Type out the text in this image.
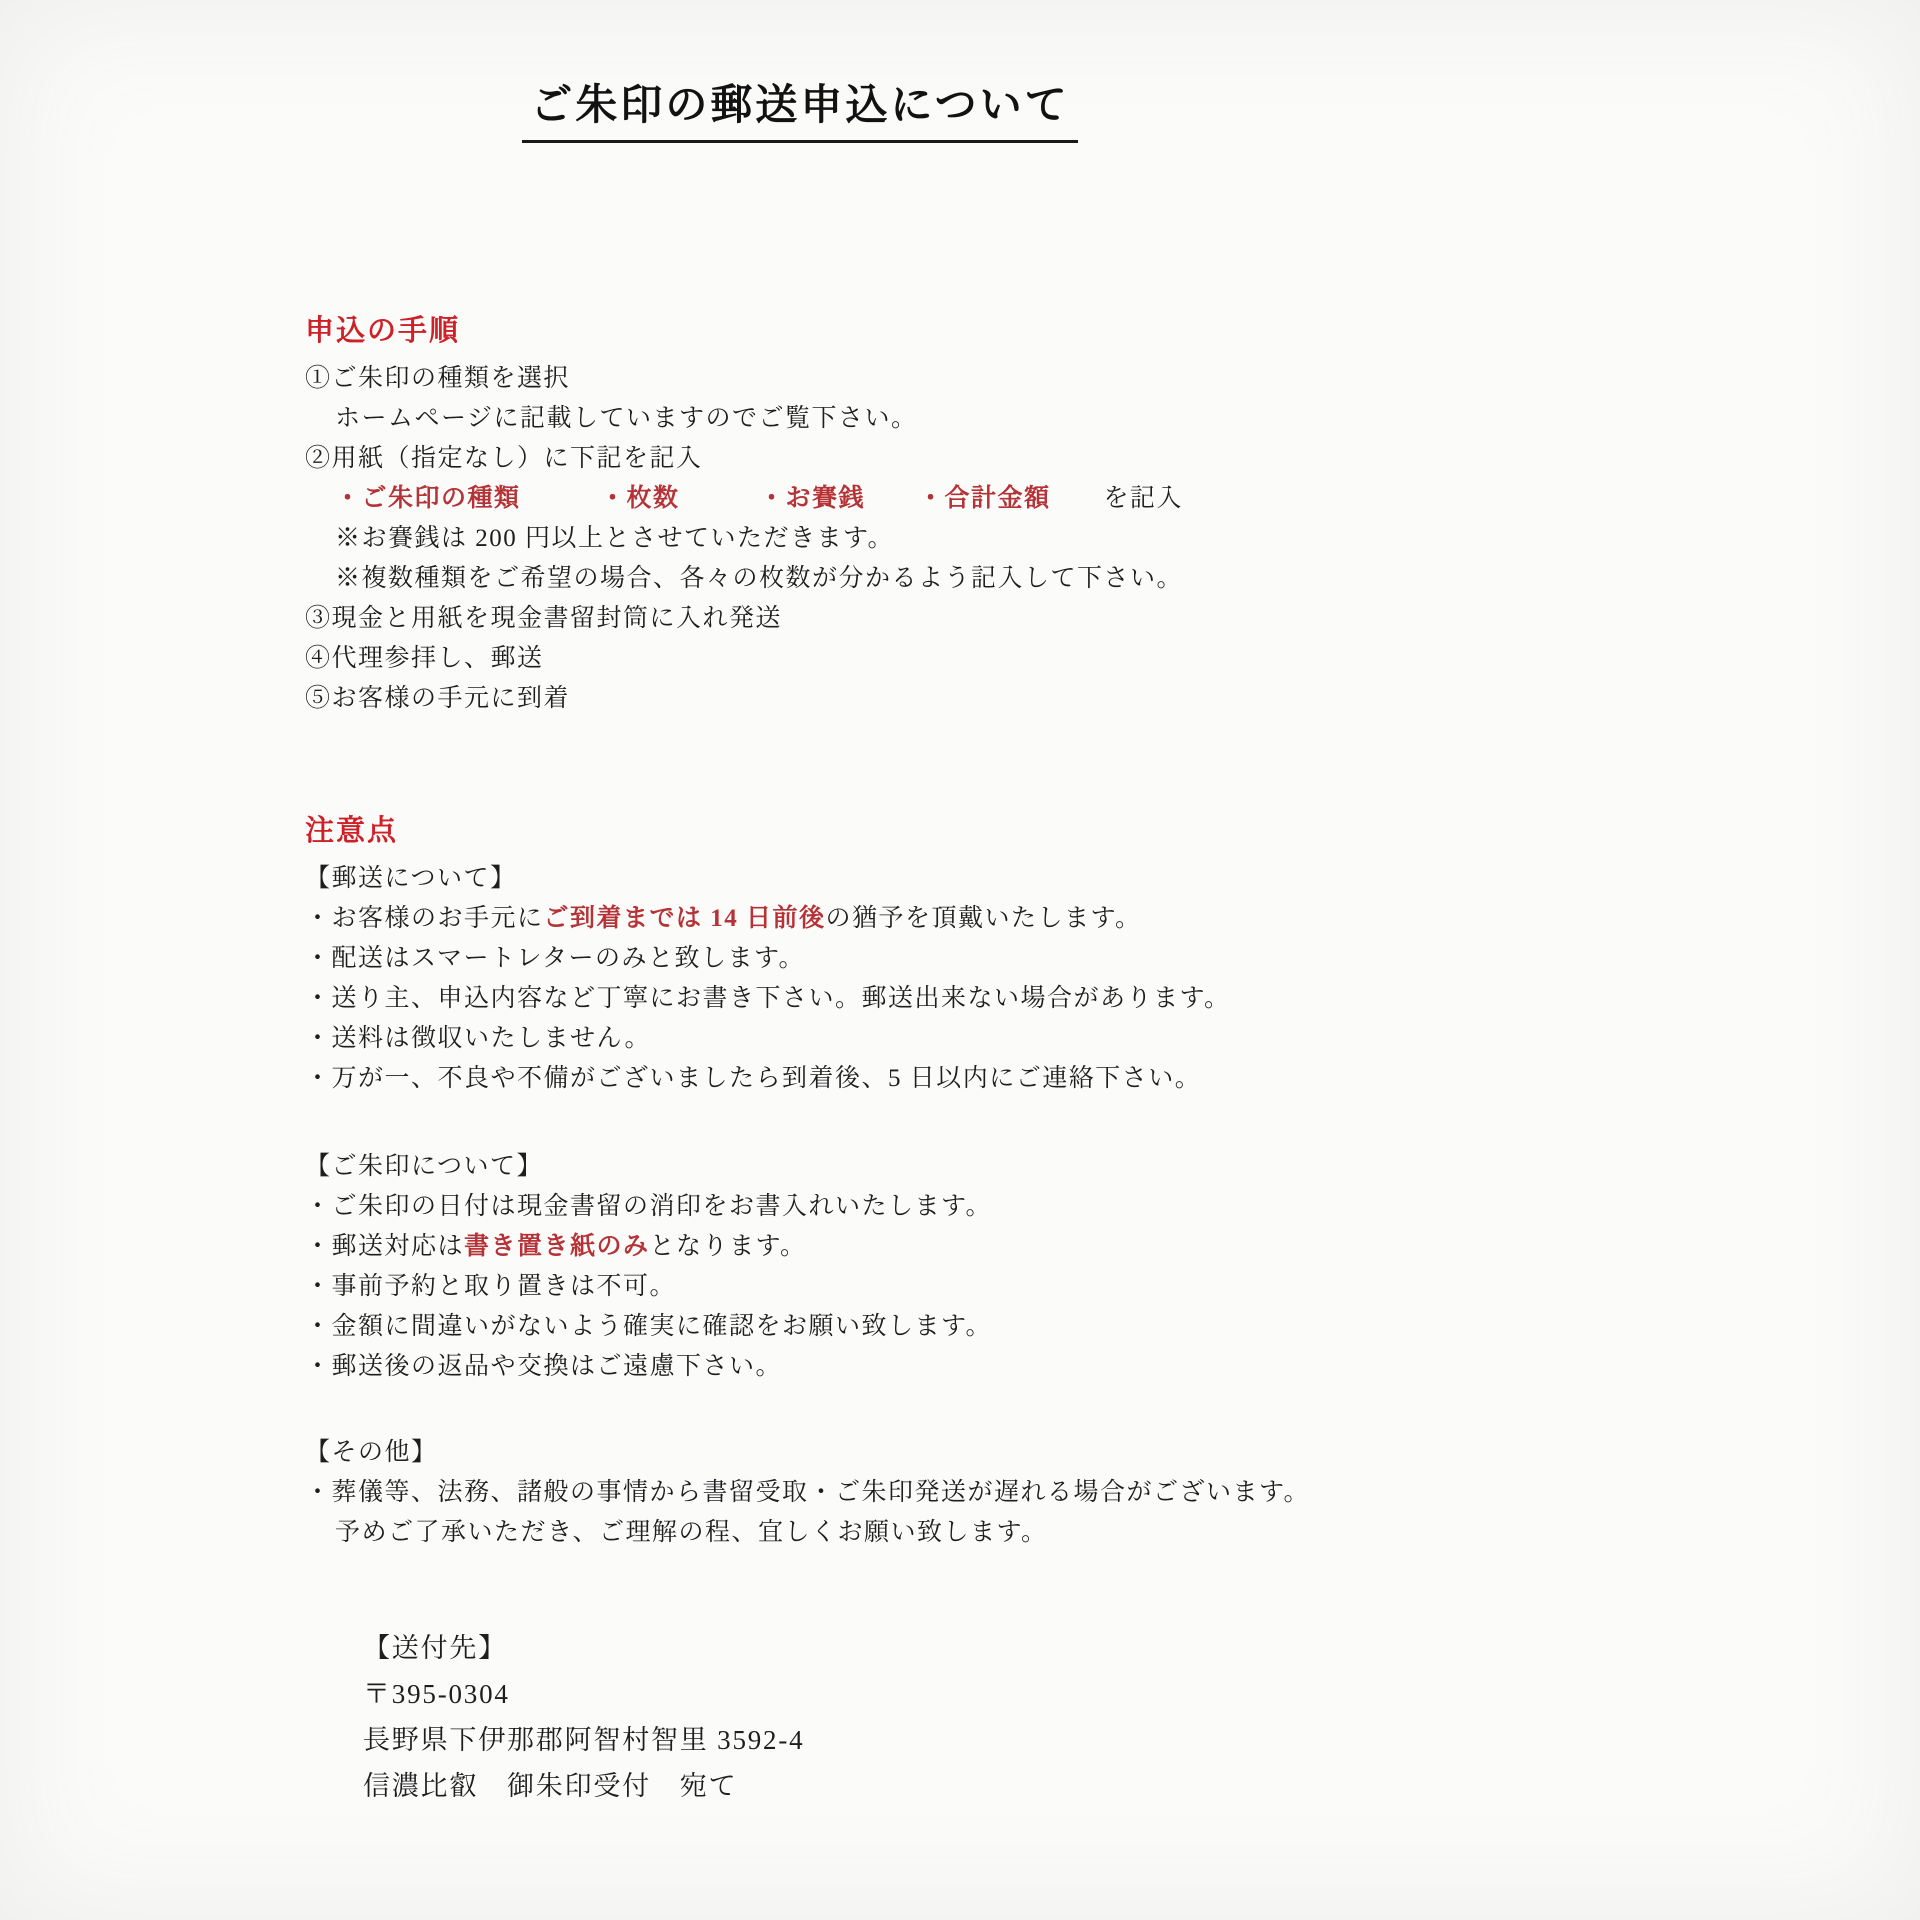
ご朱印の郵送申込について
申込の手順

①ご朱印の種類を選択

ホームページに記載していますのでご覧下さい。

②用紙（指定なし）に下記を記入

・ご朱印の種類　　　・枚数　　　・お賽銭　　・合計金額　　を記入

※お賽銭は 200 円以上とさせていただきます。

※複数種類をご希望の場合、各々の枚数が分かるよう記入して下さい。

③現金と用紙を現金書留封筒に入れ発送

④代理参拝し、郵送

⑤お客様の手元に到着

注意点

【郵送について】

・お客様のお手元にご到着までは 14 日前後の猶予を頂戴いたします。

・配送はスマートレターのみと致します。

・送り主、申込内容など丁寧にお書き下さい。郵送出来ない場合があります。

・送料は徴収いたしません。

・万が一、不良や不備がございましたら到着後、5 日以内にご連絡下さい。

【ご朱印について】

・ご朱印の日付は現金書留の消印をお書入れいたします。

・郵送対応は書き置き紙のみとなります。

・事前予約と取り置きは不可。

・金額に間違いがないよう確実に確認をお願い致します。

・郵送後の返品や交換はご遠慮下さい。

【その他】

・葬儀等、法務、諸般の事情から書留受取・ご朱印発送が遅れる場合がございます。

予めご了承いただき、ご理解の程、宜しくお願い致します。

【送付先】

〒395-0304

長野県下伊那郡阿智村智里 3592-4

信濃比叡　御朱印受付　宛て
